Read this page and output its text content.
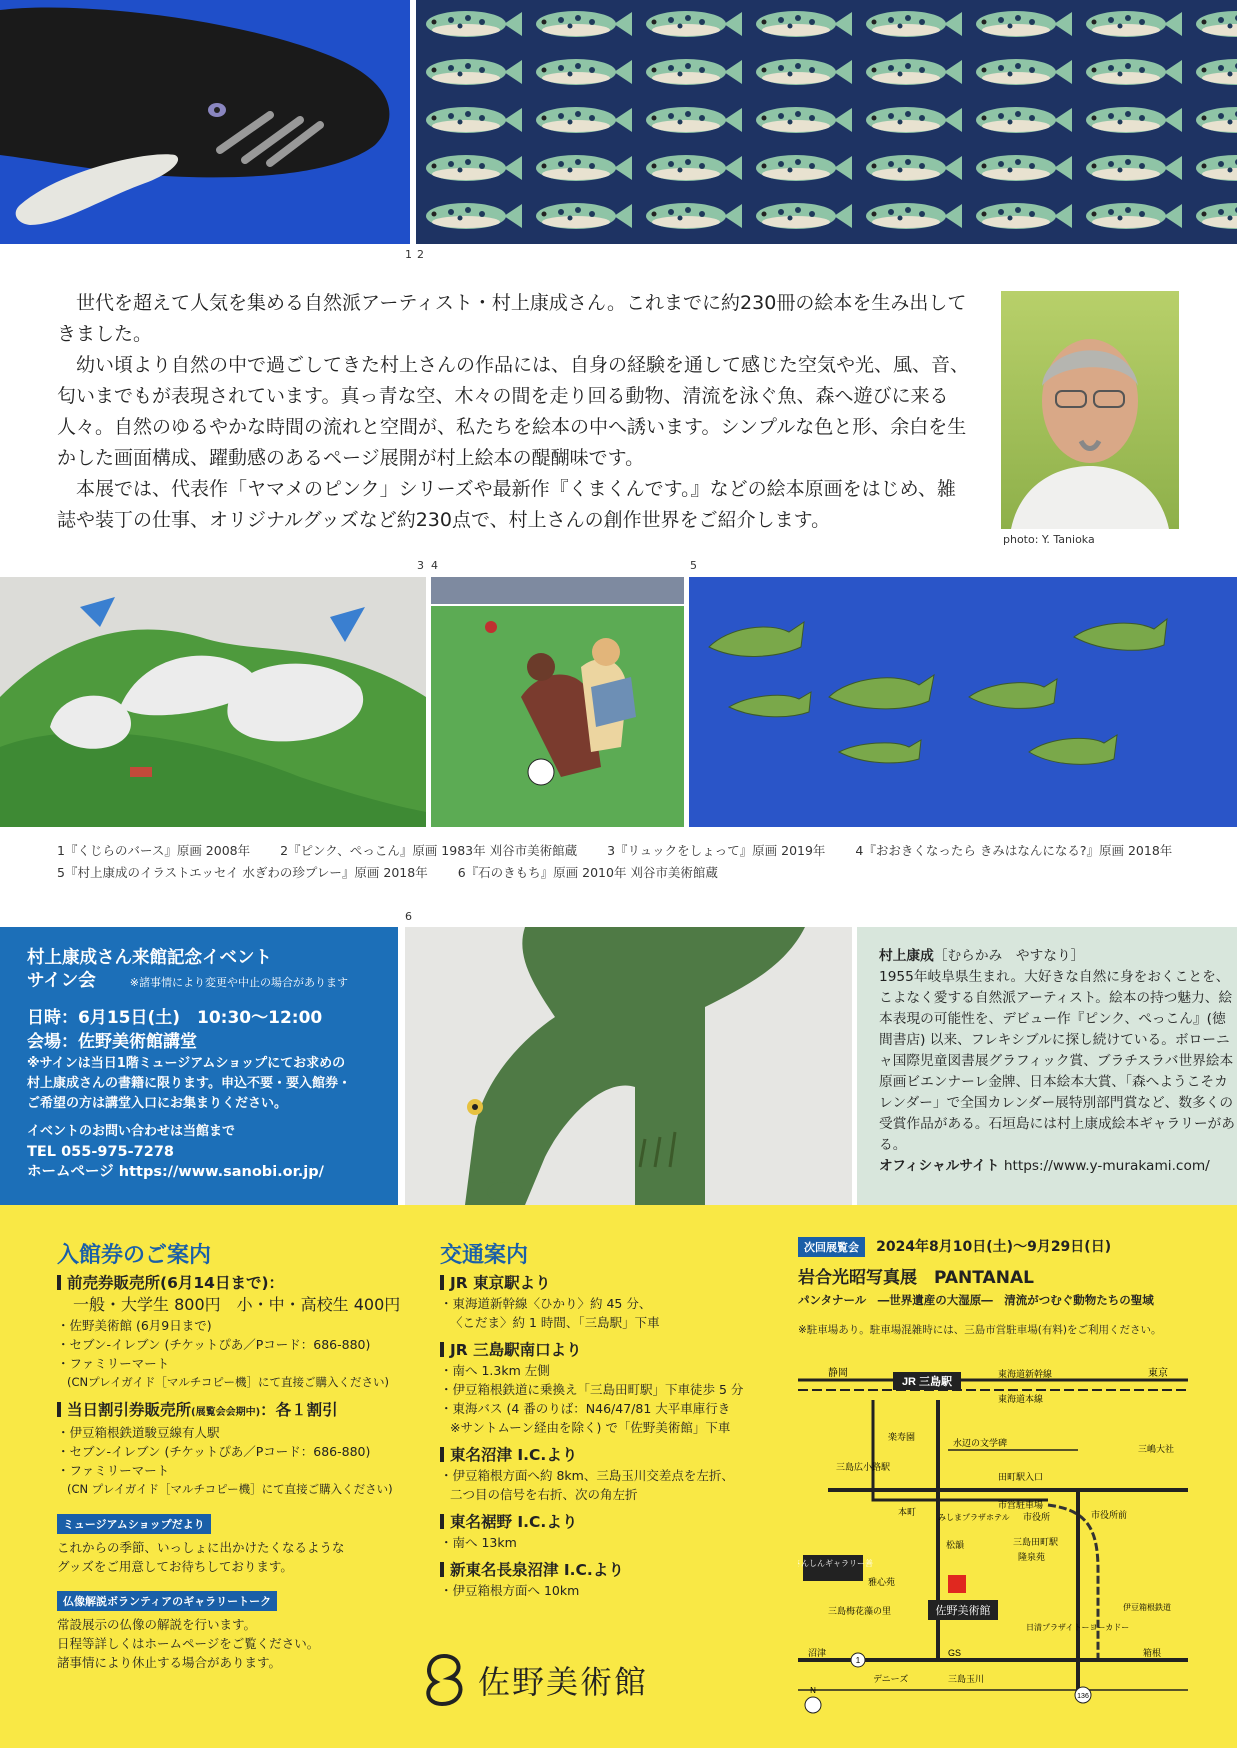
1 2

世代を超えて人気を集める自然派アーティスト・村上康成さん。これまでに約230冊の絵本を生み出してきました。

幼い頃より自然の中で過ごしてきた村上さんの作品には、自身の経験を通して感じた空気や光、風、音、匂いまでもが表現されています。真っ青な空、木々の間を走り回る動物、清流を泳ぐ魚、森へ遊びに来る人々。自然のゆるやかな時間の流れと空間が、私たちを絵本の中へ誘います。シンプルな色と形、余白を生かした画面構成、躍動感のあるページ展開が村上絵本の醍醐味です。

本展では、代表作「ヤマメのピンク」シリーズや最新作『くまくんです。』などの絵本原画をはじめ、雑誌や装丁の仕事、オリジナルグッズなど約230点で、村上さんの創作世界をご紹介します。

photo: Y. Tanioka
3 4	5
1『くじらのバース』原画 2008年 2『ピンク、ぺっこん』原画 1983年 刈谷市美術館蔵 3『リュックをしょって』原画 2019年 4『おおきくなったら きみはなんになる?』原画 2018年
5『村上康成のイラストエッセイ 水ぎわの珍プレー』原画 2018年 6『石のきもち』原画 2010年 刈谷市美術館蔵
6
村上康成さん来館記念イベント
サイン会	※諸事情により変更や中止の場合があります
日時：6月15日(土)　10:30～12:00
会場：佐野美術館講堂
※サインは当日1階ミュージアムショップにてお求めの
村上康成さんの書籍に限ります。申込不要・要入館券・
ご希望の方は講堂入口にお集まりください。
イベントのお問い合わせは当館まで
TEL 055-975-7278
ホームページ https://www.sanobi.or.jp/
村上康成［むらかみ　やすなり］
1955年岐阜県生まれ。大好きな自然に身をおくことを、こよなく愛する自然派アーティスト。絵本の持つ魅力、絵本表現の可能性を、デビュー作『ピンク、ぺっこん』(徳間書店) 以来、フレキシブルに探し続けている。ボローニャ国際児童図書展グラフィック賞、ブラチスラバ世界絵本原画ビエンナーレ金牌、日本絵本大賞、「森へようこそカレンダー」で全国カレンダー展特別部門賞など、数多くの受賞作品がある。石垣島には村上康成絵本ギャラリーがある。
オフィシャルサイト https://www.y-murakami.com/
入館券のご案内
前売券販売所(6月14日まで)：
一般・大学生 800円　小・中・高校生 400円
・佐野美術館 (6月9日まで)
・セブン-イレブン (チケットぴあ／Pコード：686-880)
・ファミリーマート
(CNプレイガイド［マルチコピー機］にて直接ご購入ください)
当日割引券販売所(展覧会会期中)：各１割引
・伊豆箱根鉄道駿豆線有人駅
・セブン-イレブン (チケットぴあ／Pコード：686-880)
・ファミリーマート
(CN プレイガイド［マルチコピー機］にて直接ご購入ください)
ミュージアムショップだより
これからの季節、いっしょに出かけたくなるような
グッズをご用意してお待ちしております。
仏像解説ボランティアのギャラリートーク
常設展示の仏像の解説を行います。
日程等詳しくはホームページをご覧ください。
諸事情により休止する場合があります。
交通案内
JR 東京駅より
・東海道新幹線〈ひかり〉約 45 分、
〈こだま〉約 1 時間、「三島駅」下車
JR 三島駅南口より
・南へ 1.3km 左側
・伊豆箱根鉄道に乗換え「三島田町駅」下車徒歩 5 分
・東海バス (4 番のりば：N46/47/81 大平車庫行き
※サントムーン経由を除く) で「佐野美術館」下車
東名沼津 I.C.より
・伊豆箱根方面へ約 8km、三島玉川交差点を左折、
二つ目の信号を右折、次の角左折
東名裾野 I.C.より
・南へ 13km
新東名長泉沼津 I.C.より
・伊豆箱根方面へ 10km
次回展覧会 2024年8月10日(土)～9月29日(日)
岩合光昭写真展　PANTANAL
パンタナール　―世界遺産の大湿原―　清流がつむぐ動物たちの聖域
※駐車場あり。駐車場混雑時には、三島市営駐車場(有料)をご利用ください。
佐野美術館
JR 三島駅
さんしんギャラリー善
静岡	東京
東海道新幹線
東海道本線
楽寿園
水辺の文学碑
三嶋大社
三島広小路駅
田町駅入口
本町
みしまプラザホテル
市営駐車場
市役所	市役所前
松韻	三島田町駅
隆泉苑
雅心苑
三島梅花藻の里	伊豆箱根鉄道
日清プラザイトーヨーカドー
沼津	箱根
GS
デニーズ	三島玉川
1
136
N
佐野美術館
